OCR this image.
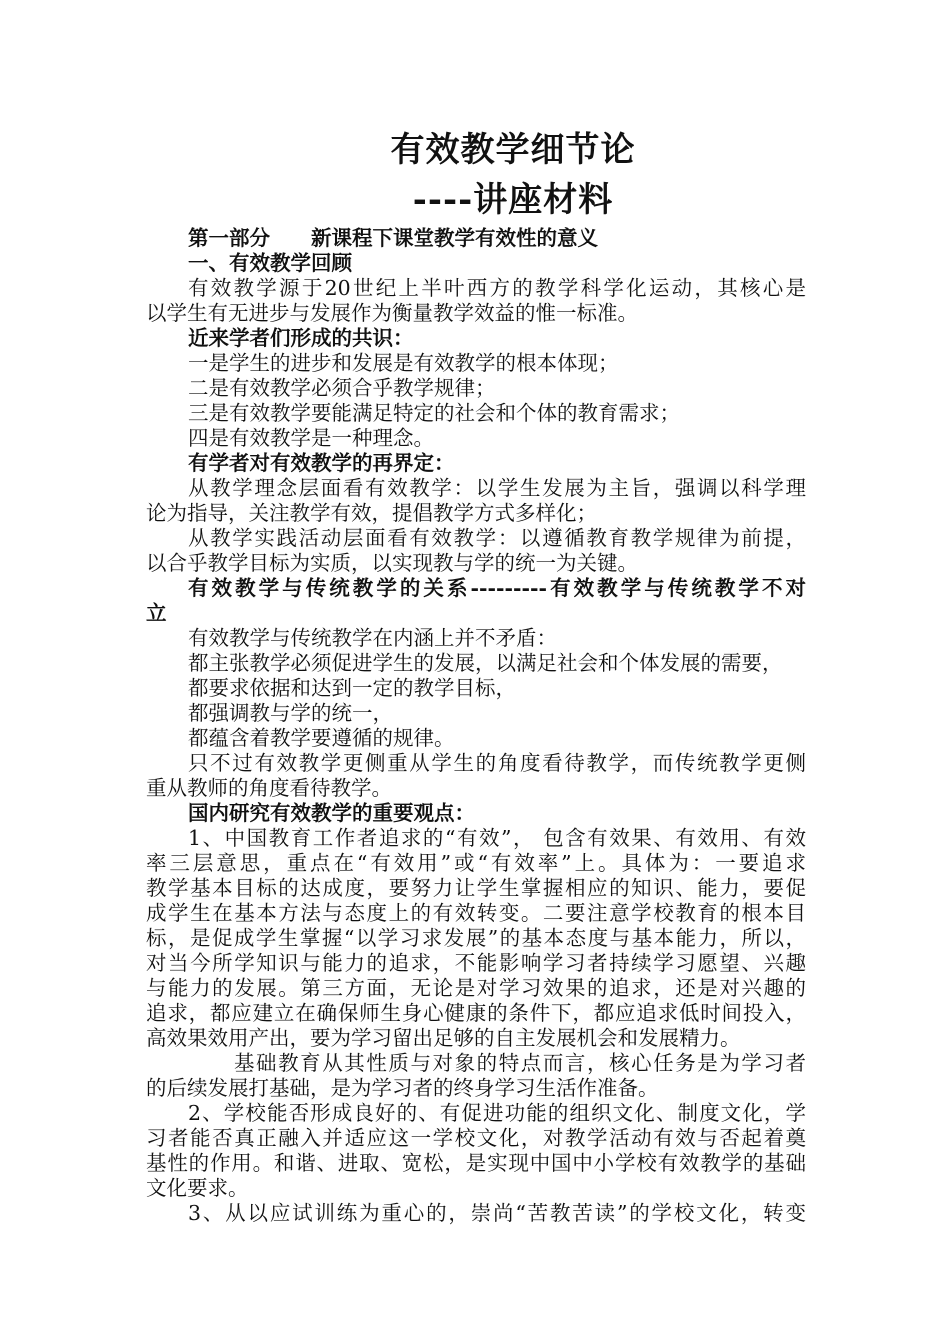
有效教学细节论
----讲座材料
第一部分　　新课程下课堂教学有效性的意义
一、有效教学回顾
有效教学源于20世纪上半叶西方的教学科学化运动，其核心是
以学生有无进步与发展作为衡量教学效益的惟一标准。
近来学者们形成的共识：
一是学生的进步和发展是有效教学的根本体现；
二是有效教学必须合乎教学规律；
三是有效教学要能满足特定的社会和个体的教育需求；
四是有效教学是一种理念。
有学者对有效教学的再界定：
从教学理念层面看有效教学：以学生发展为主旨，强调以科学理
论为指导，关注教学有效，提倡教学方式多样化；
从教学实践活动层面看有效教学：以遵循教育教学规律为前提，
以合乎教学目标为实质，以实现教与学的统一为关键。
有效教学与传统教学的关系---------有效教学与传统教学不对
立
有效教学与传统教学在内涵上并不矛盾：
都主张教学必须促进学生的发展，以满足社会和个体发展的需要，
都要求依据和达到一定的教学目标，
都强调教与学的统一，
都蕴含着教学要遵循的规律。
只不过有效教学更侧重从学生的角度看待教学，而传统教学更侧
重从教师的角度看待教学。
国内研究有效教学的重要观点：
1、中国教育工作者追求的“有效”， 包含有效果、有效用、有效
率三层意思，重点在“有效用”或“有效率”上。具体为：一要追求
教学基本目标的达成度，要努力让学生掌握相应的知识、能力，要促
成学生在基本方法与态度上的有效转变。二要注意学校教育的根本目
标，是促成学生掌握“以学习求发展”的基本态度与基本能力，所以，
对当今所学知识与能力的追求，不能影响学习者持续学习愿望、兴趣
与能力的发展。第三方面，无论是对学习效果的追求，还是对兴趣的
追求，都应建立在确保师生身心健康的条件下，都应追求低时间投入，
高效果效用产出，要为学习留出足够的自主发展机会和发展精力。
基础教育从其性质与对象的特点而言，核心任务是为学习者
的后续发展打基础，是为学习者的终身学习生活作准备。
2、学校能否形成良好的、有促进功能的组织文化、制度文化，学
习者能否真正融入并适应这一学校文化，对教学活动有效与否起着奠
基性的作用。和谐、进取、宽松，是实现中国中小学校有效教学的基础
文化要求。
3、从以应试训练为重心的，崇尚“苦教苦读”的学校文化，转变
